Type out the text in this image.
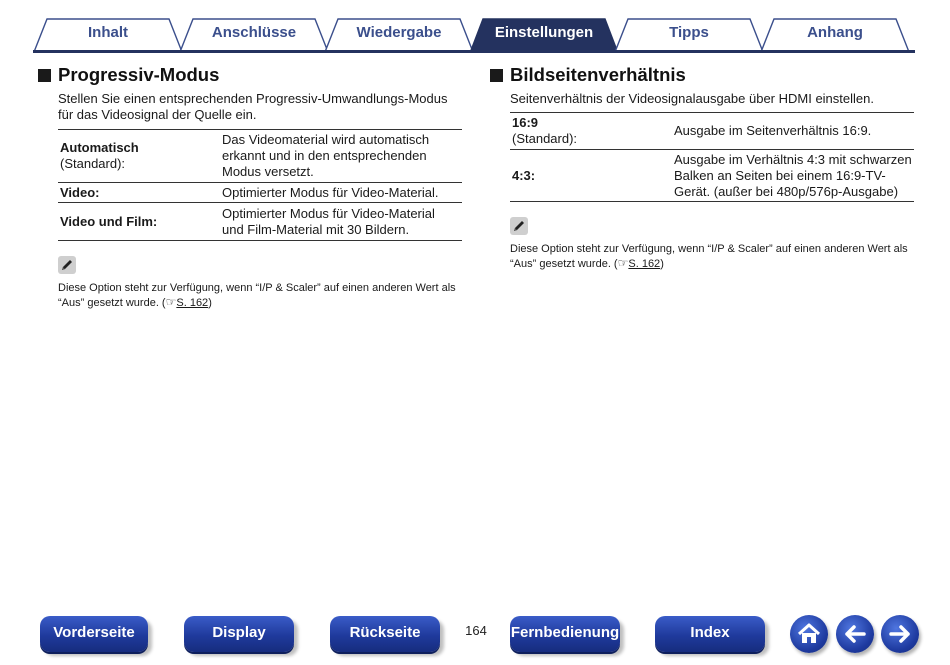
Inhalt	Anschlüsse	Wiedergabe	Einstellungen	Tipps	Anhang
Progressiv-Modus
Stellen Sie einen entsprechenden Progressiv-Umwandlungs-Modus für das Videosignal der Quelle ein.
Automatisch
(Standard):	Das Videomaterial wird automatisch erkannt und in den entsprechenden Modus versetzt.

Video:	Optimierter Modus für Video-Material.

Video und Film:	Optimierter Modus für Video-Material und Film-Material mit 30 Bildern.
Diese Option steht zur Verfügung, wenn “I/P & Scaler” auf einen anderen Wert als “Aus” gesetzt wurde. (☞S. 162)
Bildseitenverhältnis
Seitenverhältnis der Videosignalausgabe über HDMI einstellen.
16:9
(Standard):	Ausgabe im Seitenverhältnis 16:9.

4:3:	Ausgabe im Verhältnis 4:3 mit schwarzen Balken an Seiten bei einem 16:9-TV-Gerät. (außer bei 480p/576p-Ausgabe)
Diese Option steht zur Verfügung, wenn “I/P & Scaler” auf einen anderen Wert als “Aus” gesetzt wurde. (☞S. 162)
Vorderseite	Display	Rückseite	164	Fernbedienung	Index
